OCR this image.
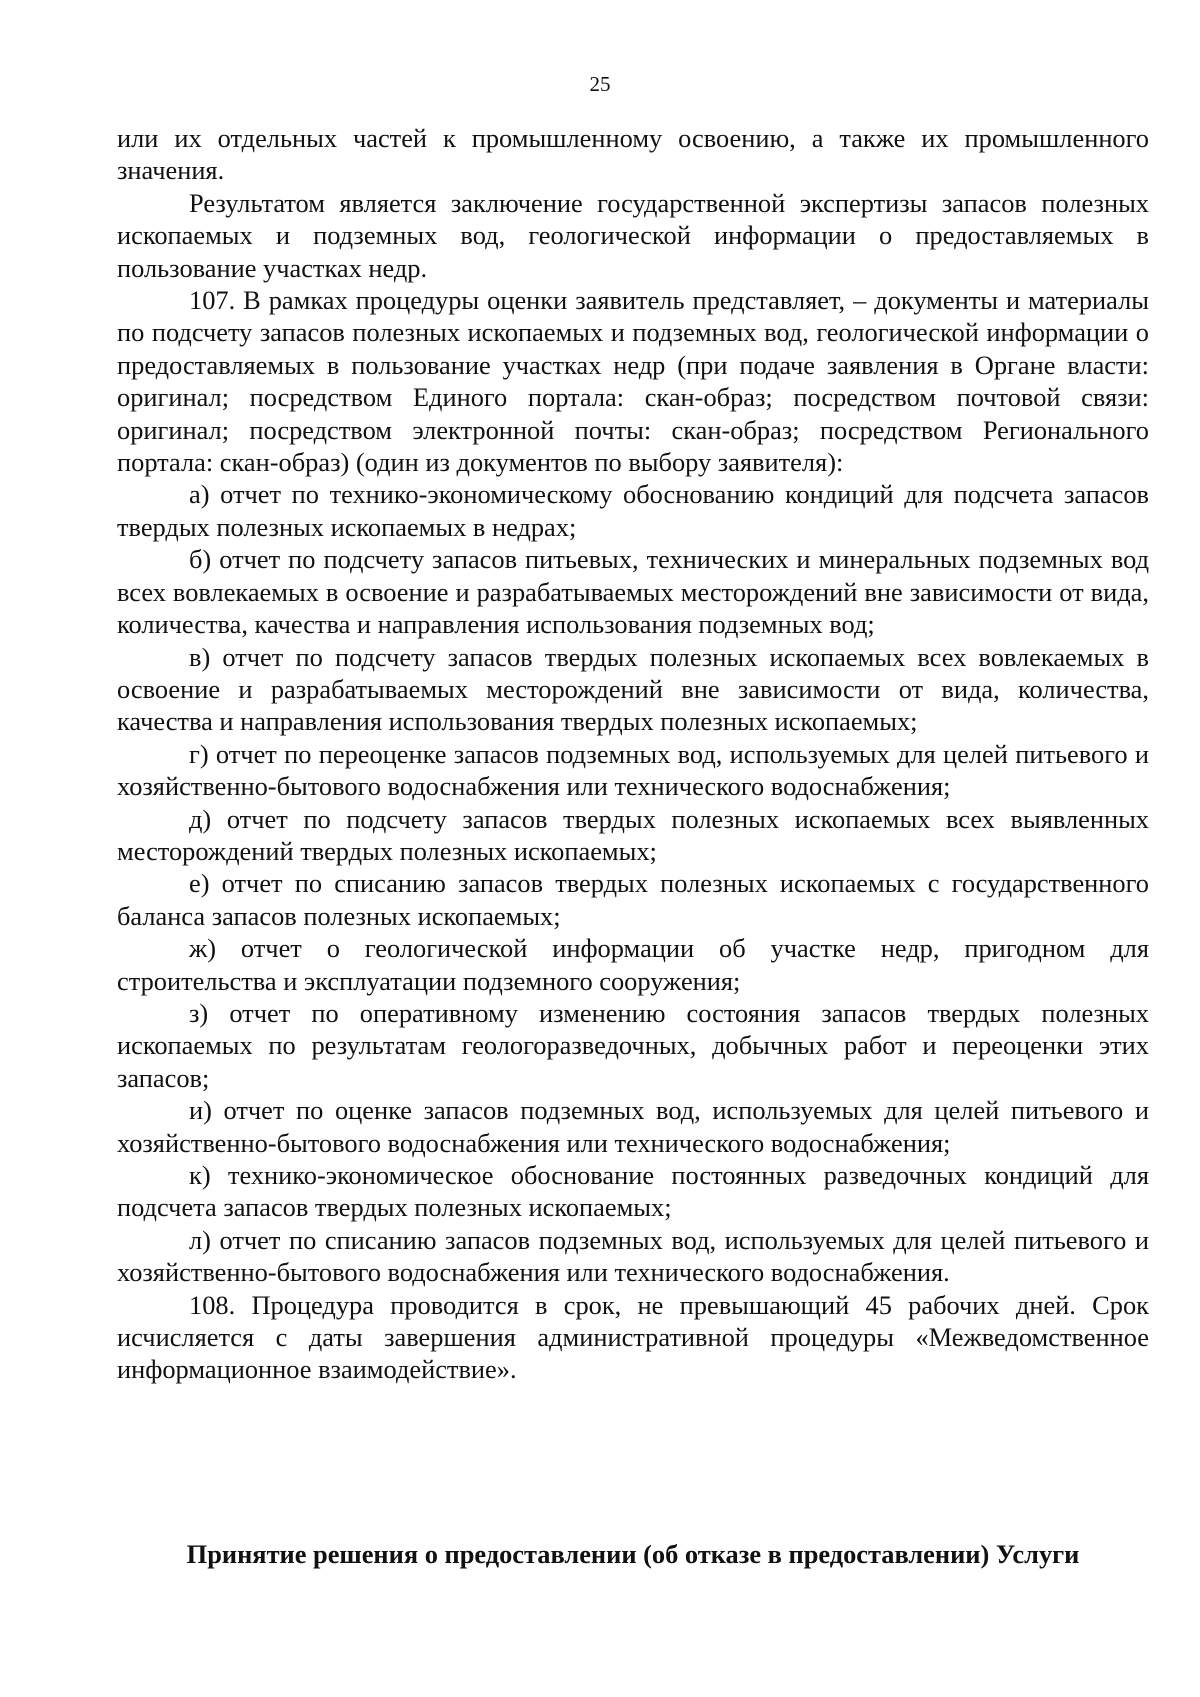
25

или их отдельных частей к промышленному освоению, а также их промышленного значения.

Результатом является заключение государственной экспертизы запасов полезных ископаемых и подземных вод, геологической информации о предоставляемых в пользование участках недр.

107. В рамках процедуры оценки заявитель представляет, – документы и материалы по подсчету запасов полезных ископаемых и подземных вод, геологической информации о предоставляемых в пользование участках недр (при подаче заявления в Органе власти: оригинал; посредством Единого портала: скан-образ; посредством почтовой связи: оригинал; посредством электронной почты: скан-образ; посредством Регионального портала: скан-образ) (один из документов по выбору заявителя):

а) отчет по технико-экономическому обоснованию кондиций для подсчета запасов твердых полезных ископаемых в недрах;

б) отчет по подсчету запасов питьевых, технических и минеральных подземных вод всех вовлекаемых в освоение и разрабатываемых месторождений вне зависимости от вида, количества, качества и направления использования подземных вод;

в) отчет по подсчету запасов твердых полезных ископаемых всех вовлекаемых в освоение и разрабатываемых месторождений вне зависимости от вида, количества, качества и направления использования твердых полезных ископаемых;

г) отчет по переоценке запасов подземных вод, используемых для целей питьевого и хозяйственно-бытового водоснабжения или технического водоснабжения;

д) отчет по подсчету запасов твердых полезных ископаемых всех выявленных месторождений твердых полезных ископаемых;

е) отчет по списанию запасов твердых полезных ископаемых с государственного баланса запасов полезных ископаемых;

ж) отчет о геологической информации об участке недр, пригодном для строительства и эксплуатации подземного сооружения;

з) отчет по оперативному изменению состояния запасов твердых полезных ископаемых по результатам геологоразведочных, добычных работ и переоценки этих запасов;

и) отчет по оценке запасов подземных вод, используемых для целей питьевого и хозяйственно-бытового водоснабжения или технического водоснабжения;

к) технико-экономическое обоснование постоянных разведочных кондиций для подсчета запасов твердых полезных ископаемых;

л) отчет по списанию запасов подземных вод, используемых для целей питьевого и хозяйственно-бытового водоснабжения или технического водоснабжения.

108. Процедура проводится в срок, не превышающий 45 рабочих дней. Срок исчисляется с даты завершения административной процедуры «Межведомственное информационное взаимодействие».

Принятие решения о предоставлении (об отказе в предоставлении) Услуги
